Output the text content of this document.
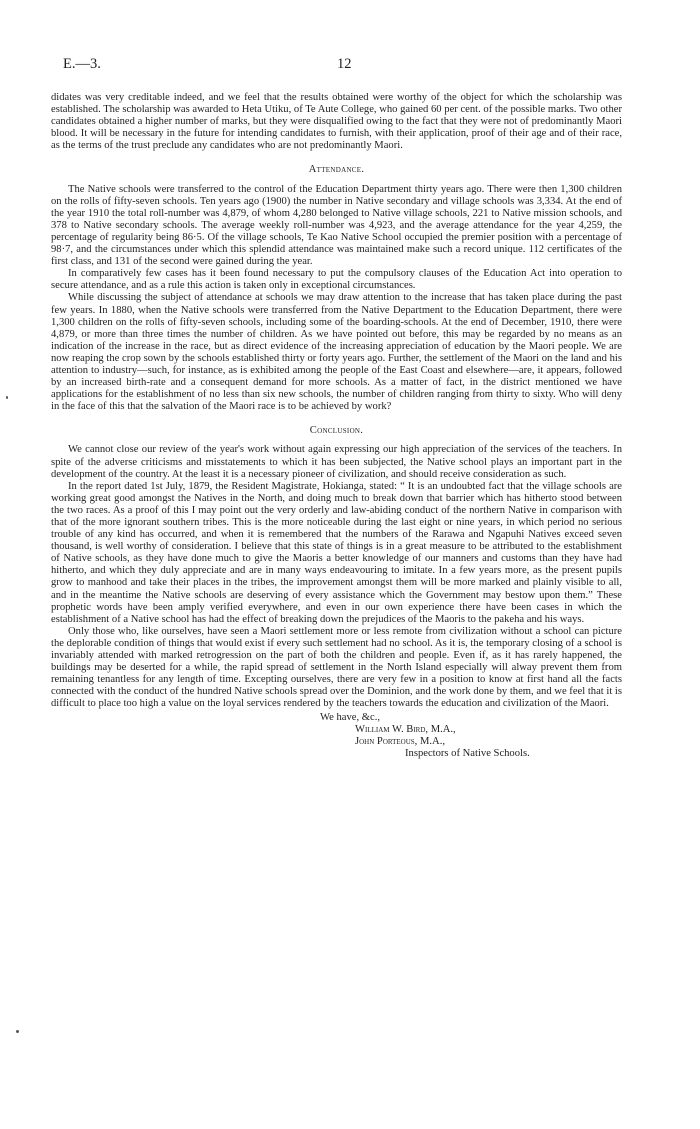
E.—3.	12

didates was very creditable indeed, and we feel that the results obtained were worthy of the object for which the scholarship was established. The scholarship was awarded to Heta Utiku, of Te Aute College, who gained 60 per cent. of the possible marks. Two other candidates obtained a higher number of marks, but they were disqualified owing to the fact that they were not of predominantly Maori blood. It will be necessary in the future for intending candidates to furnish, with their application, proof of their age and of their race, as the terms of the trust preclude any candidates who are not predominantly Maori.

Attendance.

The Native schools were transferred to the control of the Education Department thirty years ago. There were then 1,300 children on the rolls of fifty-seven schools. Ten years ago (1900) the number in Native secondary and village schools was 3,334. At the end of the year 1910 the total roll-number was 4,879, of whom 4,280 belonged to Native village schools, 221 to Native mission schools, and 378 to Native secondary schools. The average weekly roll-number was 4,923, and the average attendance for the year 4,259, the percentage of regularity being 86·5. Of the village schools, Te Kao Native School occupied the premier position with a percentage of 98·7, and the circumstances under which this splendid attendance was maintained make such a record unique. 112 certificates of the first class, and 131 of the second were gained during the year.

In comparatively few cases has it been found necessary to put the compulsory clauses of the Education Act into operation to secure attendance, and as a rule this action is taken only in exceptional circumstances.

While discussing the subject of attendance at schools we may draw attention to the increase that has taken place during the past few years. In 1880, when the Native schools were transferred from the Native Department to the Education Department, there were 1,300 children on the rolls of fifty-seven schools, including some of the boarding-schools. At the end of December, 1910, there were 4,879, or more than three times the number of children. As we have pointed out before, this may be regarded by no means as an indication of the increase in the race, but as direct evidence of the increasing appreciation of education by the Maori people. We are now reaping the crop sown by the schools established thirty or forty years ago. Further, the settlement of the Maori on the land and his attention to industry—such, for instance, as is exhibited among the people of the East Coast and elsewhere—are, it appears, followed by an increased birth-rate and a consequent demand for more schools. As a matter of fact, in the district mentioned we have applications for the establishment of no less than six new schools, the number of children ranging from thirty to sixty. Who will deny in the face of this that the salvation of the Maori race is to be achieved by work?

Conclusion.

We cannot close our review of the year's work without again expressing our high appreciation of the services of the teachers. In spite of the adverse criticisms and misstatements to which it has been subjected, the Native school plays an important part in the development of the country. At the least it is a necessary pioneer of civilization, and should receive consideration as such.

In the report dated 1st July, 1879, the Resident Magistrate, Hokianga, stated: “ It is an undoubted fact that the village schools are working great good amongst the Natives in the North, and doing much to break down that barrier which has hitherto stood between the two races. As a proof of this I may point out the very orderly and law-abiding conduct of the northern Native in comparison with that of the more ignorant southern tribes. This is the more noticeable during the last eight or nine years, in which period no serious trouble of any kind has occurred, and when it is remembered that the numbers of the Rarawa and Ngapuhi Natives exceed seven thousand, is well worthy of consideration. I believe that this state of things is in a great measure to be attributed to the establishment of Native schools, as they have done much to give the Maoris a better knowledge of our manners and customs than they have had hitherto, and which they duly appreciate and are in many ways endeavouring to imitate. In a few years more, as the present pupils grow to manhood and take their places in the tribes, the improvement amongst them will be more marked and plainly visible to all, and in the meantime the Native schools are deserving of every assistance which the Government may bestow upon them.” These prophetic words have been amply verified everywhere, and even in our own experience there have been cases in which the establishment of a Native school has had the effect of breaking down the prejudices of the Maoris to the pakeha and his ways.

Only those who, like ourselves, have seen a Maori settlement more or less remote from civilization without a school can picture the deplorable condition of things that would exist if every such settlement had no school. As it is, the temporary closing of a school is invariably attended with marked retrogression on the part of both the children and people. Even if, as it has rarely happened, the buildings may be deserted for a while, the rapid spread of settlement in the North Island especially will alway prevent them from remaining tenantless for any length of time. Excepting ourselves, there are very few in a position to know at first hand all the facts connected with the conduct of the hundred Native schools spread over the Dominion, and the work done by them, and we feel that it is difficult to place too high a value on the loyal services rendered by the teachers towards the education and civilization of the Maori.

We have, &c.,
William W. Bird, M.A.,
John Porteous, M.A.,
Inspectors of Native Schools.
